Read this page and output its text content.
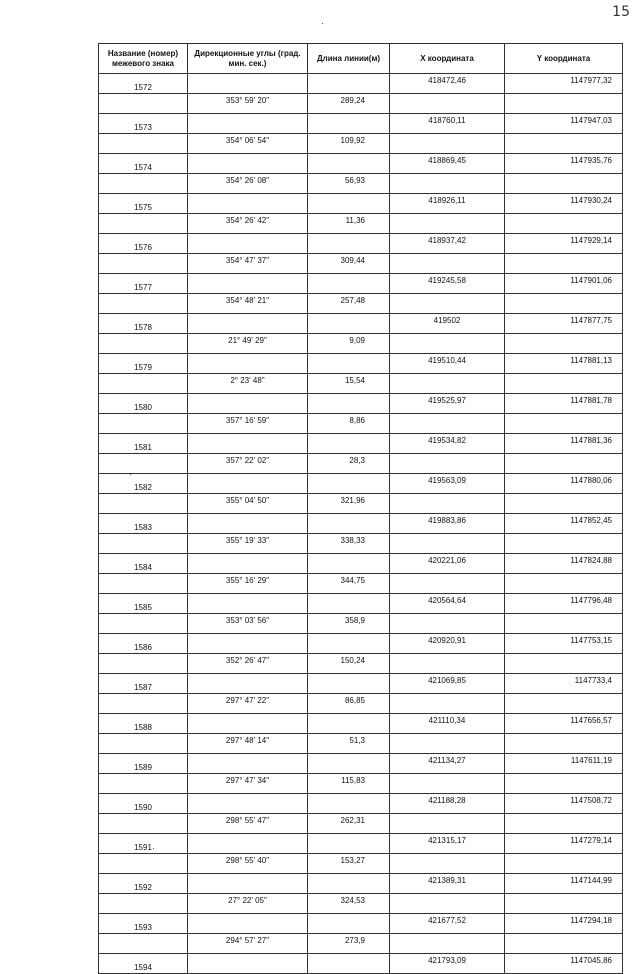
15
Название (номер) межевого знака	Дирекционные углы (град. мин. сек.)	Длина линии(м)	X координата	Y координата
1572			418472,46	1147977,32
	353° 59' 20"	289,24		
1573			418760,11	1147947,03
	354° 06' 54"	109,92		
1574			418869,45	1147935,76
	354° 26' 08"	56,93		
1575			418926,11	1147930,24
	354° 26' 42"	11,36		
1576			418937,42	1147929,14
	354° 47' 37"	309,44		
1577			419245,58	1147901,06
	354° 48' 21"	257,48		
1578			419502	1147877,75
	21° 49' 29"	9,09		
1579			419510,44	1147881,13
	2° 23' 48"	15,54		
1580			419525,97	1147881,78
	357° 16' 59"	8,86		
1581			419534,82	1147881,36
	357° 22' 02"	28,3		
1582			419563,09	1147880,06
	355° 04' 50"	321,96		
1583			419883,86	1147852,45
	355° 19' 33"	338,33		
1584			420221,06	1147824,88
	355° 16' 29"	344,75		
1585			420564,64	1147796,48
	353° 03' 56"	358,9		
1586			420920,91	1147753,15
	352° 26' 47"	150,24		
1587			421069,85	1147733,4
	297° 47' 22"	86,85		
1588			421110,34	1147656,57
	297° 48' 14"	51,3		
1589			421134,27	1147611,19
	297° 47' 34"	115,83		
1590			421188,28	1147508,72
	298° 55' 47"	262,31		
1591			421315,17	1147279,14
	298° 55' 40"	153,27		
1592			421389,31	1147144,99
	27° 22' 05"	324,53		
1593			421677,52	1147294,18
	294° 57' 27"	273,9		
1594			421793,09	1147045,86
